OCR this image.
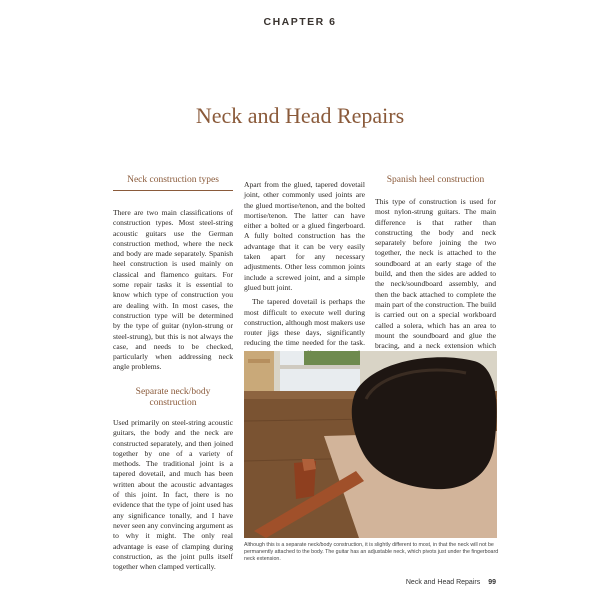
CHAPTER 6
Neck and Head Repairs
Neck construction types

There are two main classifications of construction types. Most steel-string acoustic guitars use the German construction method, where the neck and body are made separately. Spanish heel construction is used mainly on classical and flamenco guitars. For some repair tasks it is essential to know which type of construction you are dealing with. In most cases, the construction type will be determined by the type of guitar (nylon-strung or steel-strung), but this is not always the case, and needs to be checked, particularly when addressing neck angle problems.

Separate neck/body construction

Used primarily on steel-string acoustic guitars, the body and the neck are constructed separately, and then joined together by one of a variety of methods. The traditional joint is a tapered dovetail, and much has been written about the acoustic advantages of this joint. In fact, there is no evidence that the type of joint used has any significance tonally, and I have never seen any convincing argument as to why it might. The only real advantage is ease of clamping during construction, as the joint pulls itself together when clamped vertically.

Apart from the glued, tapered dovetail joint, other commonly used joints are the glued mortise/tenon, and the bolted mortise/tenon. The latter can have either a bolted or a glued fingerboard. A fully bolted construction has the advantage that it can be very easily taken apart for any necessary adjustments. Other less common joints include a screwed joint, and a simple glued butt joint.

The tapered dovetail is perhaps the most difficult to execute well during construction, although most makers use router jigs these days, significantly reducing the time needed for the task.

Spanish heel construction

This type of construction is used for most nylon-strung guitars. The main difference is that rather than constructing the body and neck separately before joining the two together, the neck is attached to the soundboard at an early stage of the build, and then the sides are added to the neck/soundboard assembly, and then the back attached to complete the main part of the construction. The build is carried out on a special workboard called a solera, which has an area to mount the soundboard and glue the bracing, and a neck extension which

Although this is a separate neck/body construction, it is slightly different to most, in that the neck will not be permanently attached to the body. The guitar has an adjustable neck, which pivots just under the fingerboard neck extension.
Neck and Head Repairs 99
